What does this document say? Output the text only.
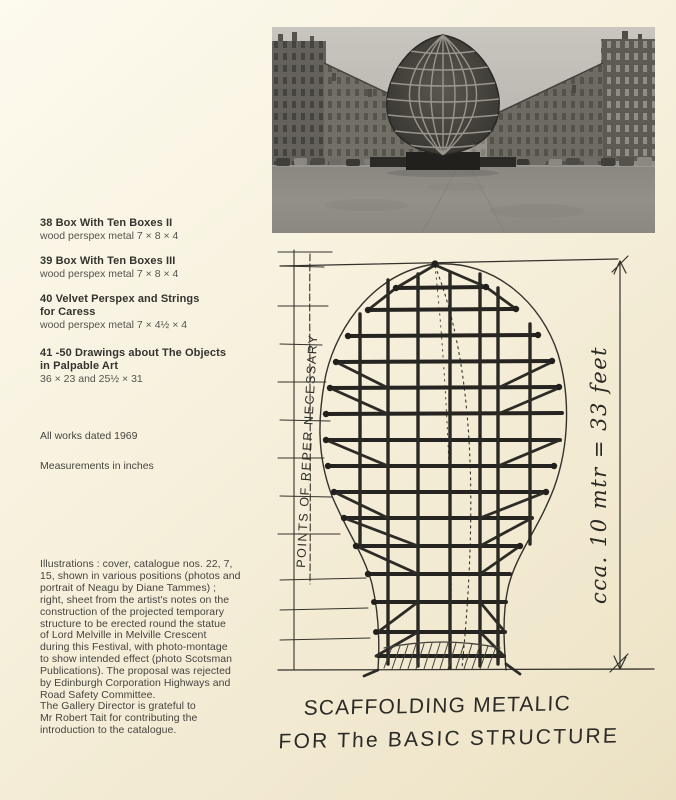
38 Box With Ten Boxes II
wood perspex metal 7 × 8 × 4
39 Box With Ten Boxes III
wood perspex metal 7 × 8 × 4
40 Velvet Perspex and Strings
for Caress
wood perspex metal 7 × 4½ × 4
41 -50 Drawings about The Objects
in Palpable Art
36 × 23 and 25½ × 31
All works dated 1969
Measurements in inches
Illustrations : cover, catalogue nos. 22, 7,
15, shown in various positions (photos and
portrait of Neagu by Diane Tammes) ;
right, sheet from the artist's notes on the
construction of the projected temporary
structure to be erected round the statue
of Lord Melville in Melville Crescent
during this Festival, with photo-montage
to show intended effect (photo Scotsman
Publications). The proposal was rejected
by Edinburgh Corporation Highways and
Road Safety Committee.
The Gallery Director is grateful to
Mr Robert Tait for contributing the
introduction to the catalogue.
POINTS OF REPER NECESSARY	cca. 10 mtr = 33 feet
SCAFFOLDING METALIC
FOR The BASIC STRUCTURE
